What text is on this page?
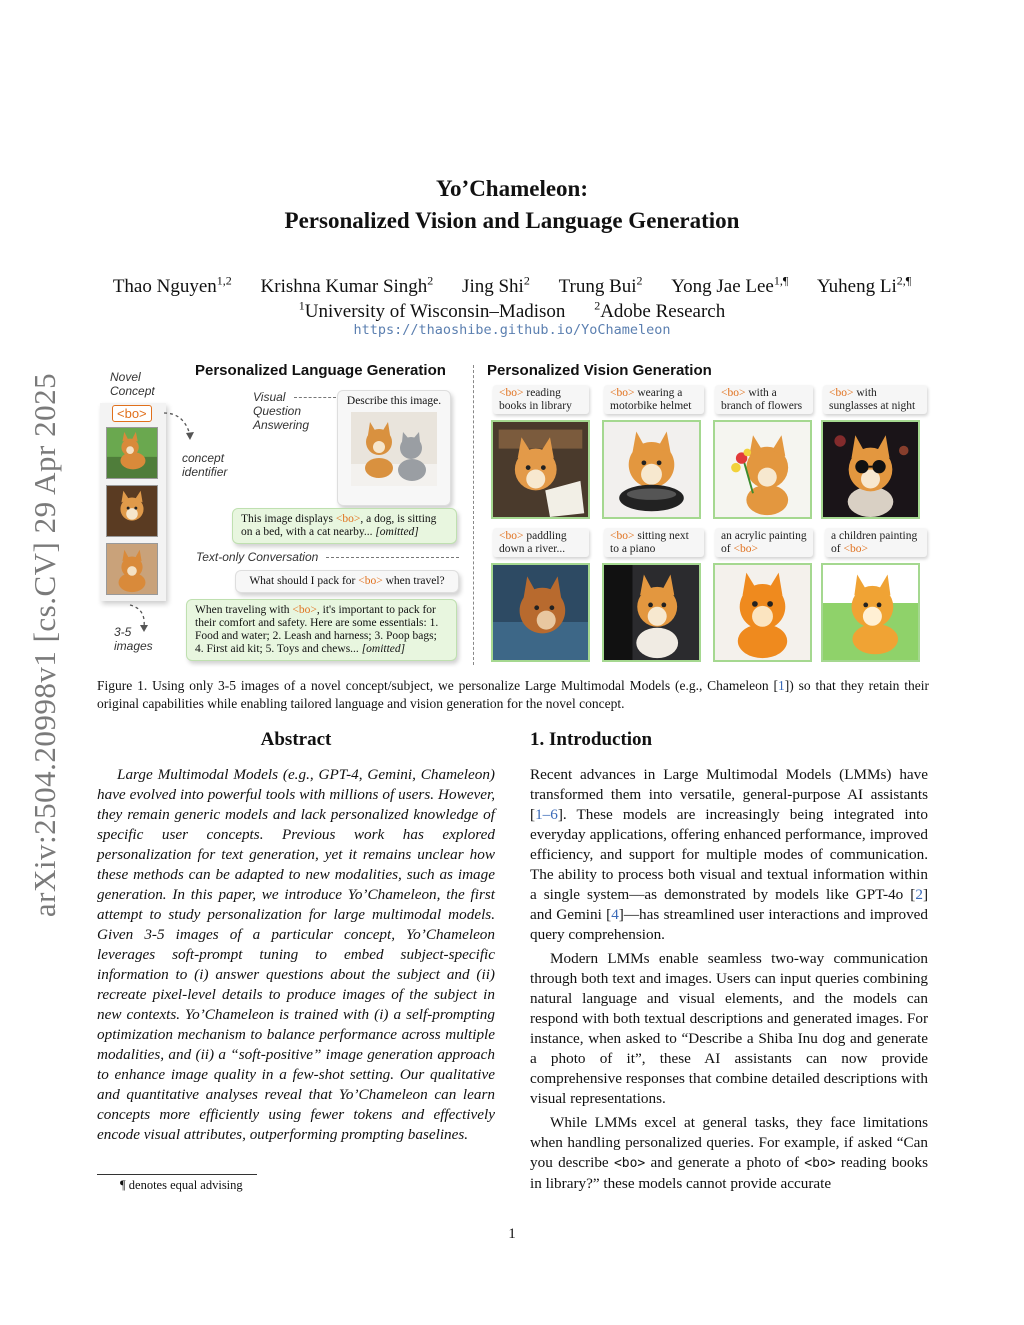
arXiv:2504.20998v1 [cs.CV] 29 Apr 2025
Yo’Chameleon:
Personalized Vision and Language Generation
Thao Nguyen$^{1,2}$ Krishna Kumar Singh$^2$ Jing Shi$^2$ Trung Bui$^2$ Yong Jae Lee$^{1,\P}$ Yuheng $Li^{2,\P}$
$^1$University of Wisconsin–Madison $^2$Adobe Research
https://thaoshibe.github.io/YoChameleon
Novel
Concept
<bo>
concept
identifier
3-5
images
Personalized Language Generation
Visual
Question
Answering
Describe this image.
This image displays <bo>, a dog, is sitting on a bed, with a cat nearby... [omitted]
Text-only Conversation
What should I pack for <bo> when travel?
When traveling with <bo>, it's important to pack for their comfort and safety. Here are some essentials: 1. Food and water; 2. Leash and harness; 3. Poop bags; 4. First aid kit; 5. Toys and chews... [omitted]
Personalized Vision Generation
<bo> reading books in library
<bo> wearing a motorbike helmet
<bo> with a branch of flowers
<bo> with sunglasses at night
<bo> paddling down a river...
<bo> sitting next to a piano
an acrylic painting of <bo>
a children painting of <bo>
Figure 1. Using only 3-5 images of a novel concept/subject, we personalize Large Multimodal Models (e.g., Chameleon [1]) so that they retain their original capabilities while enabling tailored language and vision generation for the novel concept.
Abstract
Large Multimodal Models (e.g., GPT-4, Gemini, Chameleon) have evolved into powerful tools with millions of users. However, they remain generic models and lack personalized knowledge of specific user concepts. Previous work has explored personalization for text generation, yet it remains unclear how these methods can be adapted to new modalities, such as image generation. In this paper, we introduce Yo’Chameleon, the first attempt to study personalization for large multimodal models. Given 3-5 images of a particular concept, Yo’Chameleon leverages soft-prompt tuning to embed subject-specific information to (i) answer questions about the subject and (ii) recreate pixel-level details to produce images of the subject in new contexts. Yo’Chameleon is trained with (i) a self-prompting optimization mechanism to balance performance across multiple modalities, and (ii) a “soft-positive” image generation approach to enhance image quality in a few-shot setting. Our qualitative and quantitative analyses reveal that Yo’Chameleon can learn concepts more efficiently using fewer tokens and effectively encode visual attributes, outperforming prompting baselines.
¶ denotes equal advising
1. Introduction

Recent advances in Large Multimodal Models (LMMs) have transformed them into versatile, general-purpose AI assistants [1–6]. These models are increasingly being integrated into everyday applications, offering enhanced performance, improved efficiency, and support for multiple modes of communication. The ability to process both visual and textual information within a single system—as demonstrated by models like GPT-4o [2] and Gemini [4]—has streamlined user interactions and improved query comprehension.

Modern LMMs enable seamless two-way communication through both text and images. Users can input queries combining natural language and visual elements, and the models can respond with both textual descriptions and generated images. For instance, when asked to “Describe a Shiba Inu dog and generate a photo of it”, these AI assistants can now provide comprehensive responses that combine detailed descriptions with visual representations.

While LMMs excel at general tasks, they face limitations when handling personalized queries. For example, if asked “Can you describe <bo> and generate a photo of <bo> reading books in library?” these models cannot provide accurate

1
